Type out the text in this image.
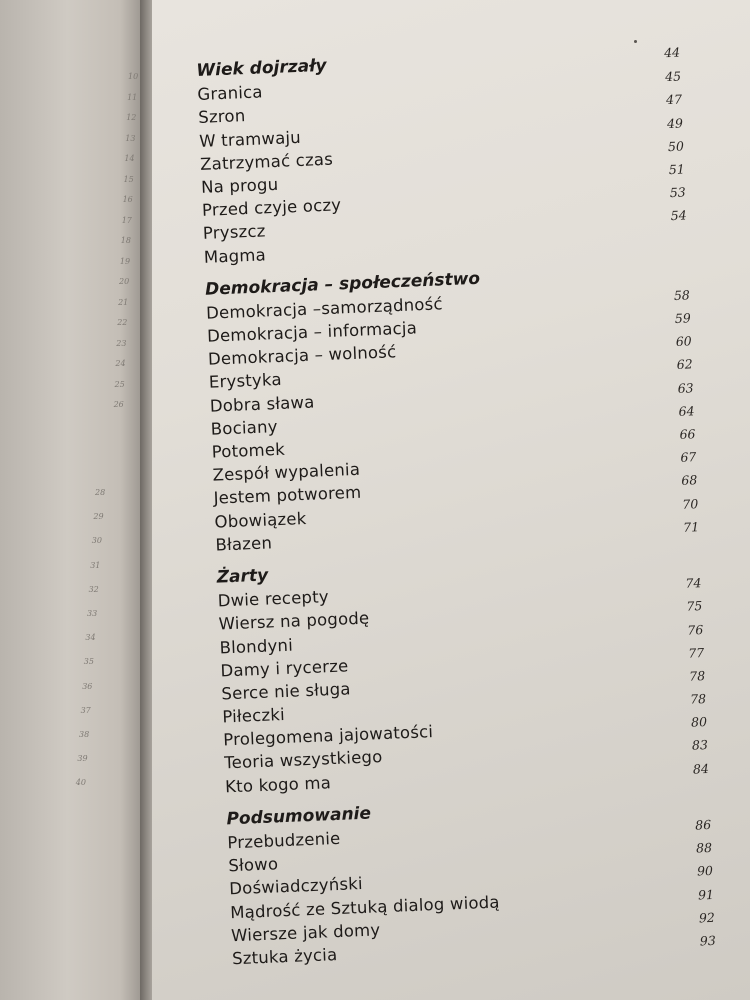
10
11
12
13
14
15
16
17
18
19
20
21
22
23
24
25
26
28
29
30
31
32
33
34
35
36
37
38
39
40
Wiek dojrzały
44
Granica
45
Szron
47
W tramwaju
49
Zatrzymać czas
50
Na progu
51
Przed czyje oczy
53
Pryszcz
54
Magma
Demokracja – społeczeństwo
Demokracja –samorządność	58
Demokracja – informacja
59
Demokracja – wolność
60
Erystyka
62
Dobra sława
63
Bociany
64
Potomek
66
Zespół wypalenia
67
Jestem potworem
68
Obowiązek
70
Błazen
71
Żarty
Dwie recepty
74
Wiersz na pogodę
75
Blondyni
76
Damy i rycerze
77
Serce nie sługa
78
Piłeczki
78
Prolegomena jajowatości
80
Teoria wszystkiego
83
Kto kogo ma
84
Podsumowanie
Przebudzenie
86
Słowo
88
Doświadczyński
90
Mądrość ze Sztuką dialog wiodą	91
Wiersze jak domy
92
Sztuka życia
93
